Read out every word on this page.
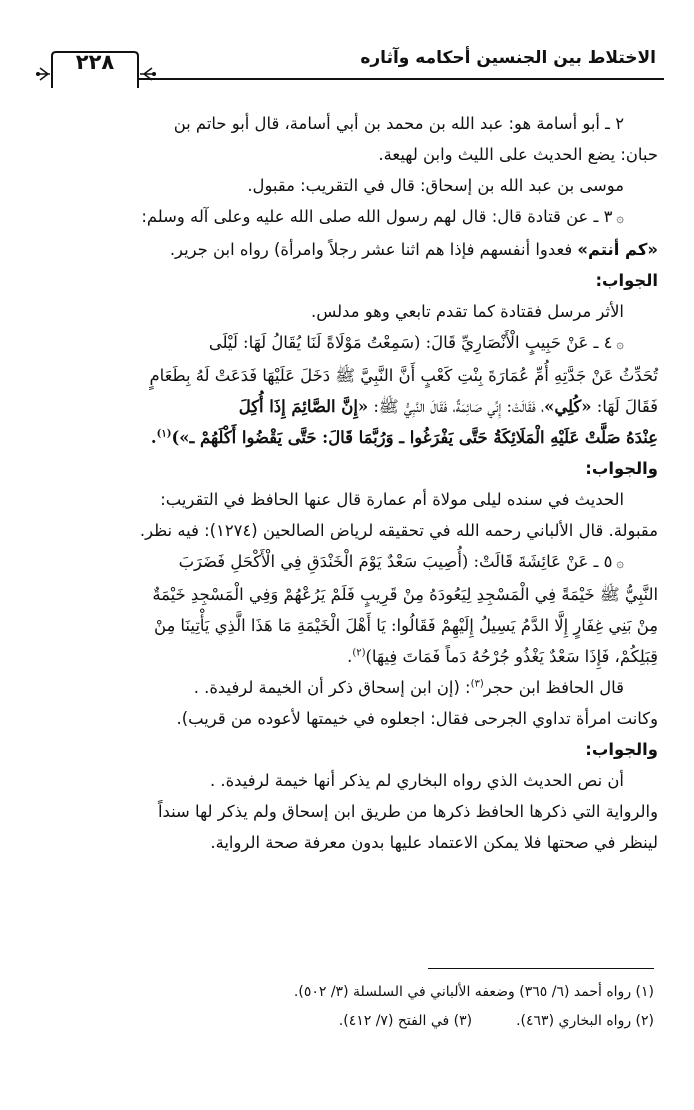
٢٢٨	الاختلاط بين الجنسين أحكامه وآثاره

٢ ـ أبو أسامة هو: عبد الله بن محمد بن أبي أسامة، قال أبو حاتم بن

حبان: يضع الحديث على الليث وابن لهيعة.

موسى بن عبد الله بن إسحاق: قال في التقريب: مقبول.

۞٣ ـ عن قتادة قال: قال لهم رسول الله صلى الله عليه وعلى آله وسلم:

«كم أنتم» فعدوا أنفسهم فإذا هم اثنا عشر رجلاً وامرأة) رواه ابن جرير.

الجواب:

الأثر مرسل فقتادة كما تقدم تابعي وهو مدلس.

۞٤ ـ عَنْ حَبِيبٍ الْأَنْصَارِيِّ قَالَ: (سَمِعْتُ مَوْلَاةً لَنَا يُقَالُ لَهَا: لَيْلَى

تُحَدِّثُ عَنْ جَدَّتِهِ أُمِّ عُمَارَةَ بِنْتِ كَعْبٍ أَنَّ النَّبِيَّ ﷺ دَخَلَ عَلَيْهَا فَدَعَتْ لَهُ بِطَعَامٍ

فَقَالَ لَهَا: «كُلِي»، فَقَالَتْ: إِنِّي صَائِمَةٌ، فَقَالَ النَّبِيُّ ﷺ: «إِنَّ الصَّائِمَ إِذَا أُكِلَ

عِنْدَهُ صَلَّتْ عَلَيْهِ الْمَلَائِكَةُ حَتَّى يَفْرَغُوا ـ وَرُبَّمَا قَالَ: حَتَّى يَقْضُوا أَكْلَهُمْ ـ»)$^{(١)}$.

والجواب:

الحديث في سنده ليلى مولاة أم عمارة قال عنها الحافظ في التقريب:

مقبولة. قال الألباني رحمه الله في تحقيقه لرياض الصالحين (١٢٧٤): فيه نظر.

۞٥ ـ عَنْ عَائِشَةَ قَالَتْ: (أُصِيبَ سَعْدٌ يَوْمَ الْخَنْدَقِ فِي الْأَكْحَلِ فَضَرَبَ

النَّبِيُّ ﷺ خَيْمَةً فِي الْمَسْجِدِ لِيَعُودَهُ مِنْ قَرِيبٍ فَلَمْ يَرُعْهُمْ وَفِي الْمَسْجِدِ خَيْمَةٌ

مِنْ بَنِي غِفَارٍ إِلَّا الدَّمُ يَسِيلُ إِلَيْهِمْ فَقَالُوا: يَا أَهْلَ الْخَيْمَةِ مَا هَذَا الَّذِي يَأْتِينَا مِنْ

قِبَلِكُمْ، فَإِذَا سَعْدٌ يَغْذُو جُرْحُهُ دَماً فَمَاتَ فِيهَا)$^{(٢)}$.

قال الحافظ ابن حجر$^{(٣)}$: (إن ابن إسحاق ذكر أن الخيمة لرفيدة. .

وكانت امرأة تداوي الجرحى فقال: اجعلوه في خيمتها لأعوده من قريب).

والجواب:

أن نص الحديث الذي رواه البخاري لم يذكر أنها خيمة لرفيدة. .

والرواية التي ذكرها الحافظ ذكرها من طريق ابن إسحاق ولم يذكر لها سنداً

لينظر في صحتها فلا يمكن الاعتماد عليها بدون معرفة صحة الرواية.

(١) رواه أحمد (٦/ ٣٦٥) وضعفه الألباني في السلسلة (٣/ ٥٠٢).

(٢) رواه البخاري (٤٦٣).(٣) في الفتح (٧/ ٤١٢).
